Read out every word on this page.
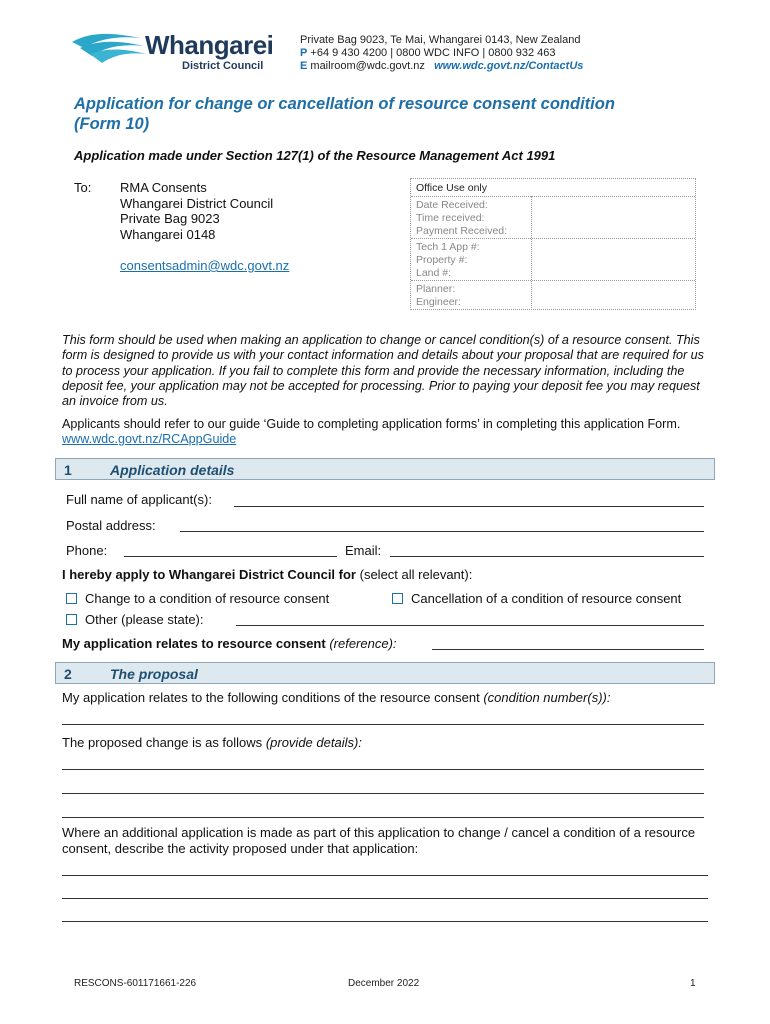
Whangarei
District Council
Private Bag 9023, Te Mai, Whangarei 0143, New Zealand
P +64 9 430 4200 | 0800 WDC INFO | 0800 932 463
E mailroom@wdc.govt.nz www.wdc.govt.nz/ContactUs
Application for change or cancellation of resource consent condition
(Form 10)
Application made under Section 127(1) of the Resource Management Act 1991
To: RMA Consents
Whangarei District Council
Private Bag 9023
Whangarei 0148
consentsadmin@wdc.govt.nz
Office Use only
Date Received:
Time received:
Payment Received:
Tech 1 App #:
Property #:
Land #:
Planner:
Engineer:
This form should be used when making an application to change or cancel condition(s) of a resource consent. This form is designed to provide us with your contact information and details about your proposal that are required for us to process your application. If you fail to complete this form and provide the necessary information, including the deposit fee, your application may not be accepted for processing. Prior to paying your deposit fee you may request an invoice from us.
Applicants should refer to our guide ‘Guide to completing application forms’ in completing this application Form. www.wdc.govt.nz/RCAppGuide
1	Application details
Full name of applicant(s):
Postal address:
Phone:	Email:
I hereby apply to Whangarei District Council for (select all relevant):
Change to a condition of resource consent	Cancellation of a condition of resource consent
Other (please state):
My application relates to resource consent (reference):
2	The proposal
My application relates to the following conditions of the resource consent (condition number(s)):
The proposed change is as follows (provide details):
Where an additional application is made as part of this application to change / cancel a condition of a resource consent, describe the activity proposed under that application:
RESCONS-601171661-226	December 2022	1
